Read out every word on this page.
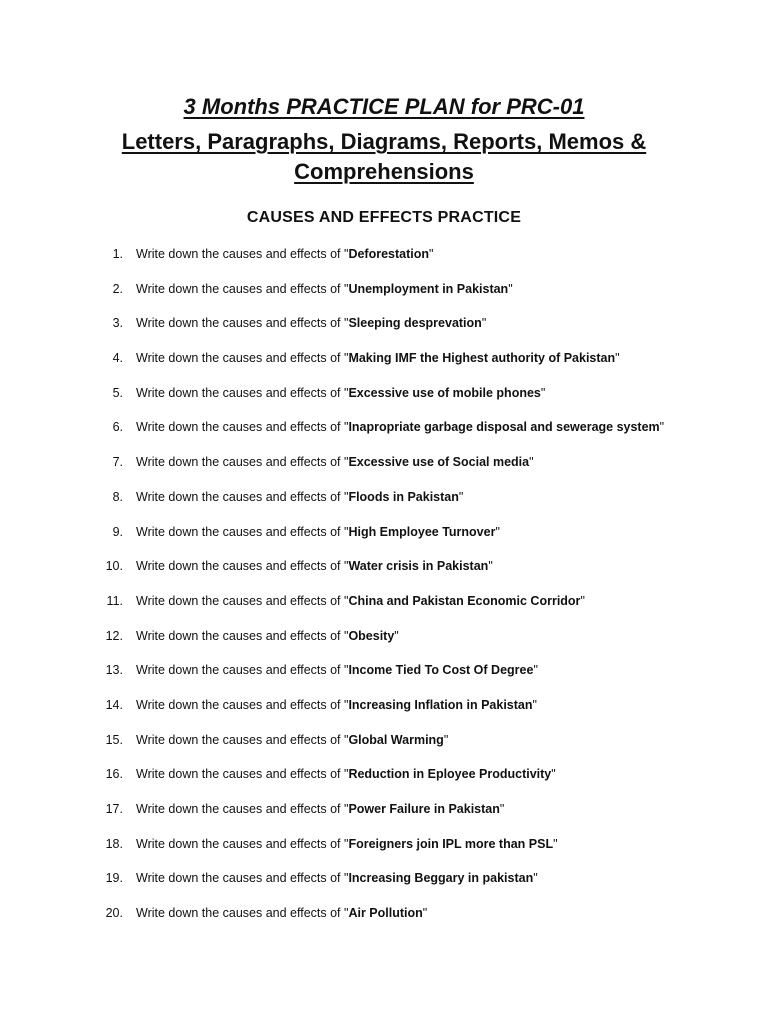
3 Months PRACTICE PLAN for PRC-01
Letters, Paragraphs, Diagrams, Reports, Memos &
Comprehensions
CAUSES AND EFFECTS PRACTICE
1. Write down the causes and effects of "Deforestation"
2. Write down the causes and effects of "Unemployment in Pakistan"
3. Write down the causes and effects of "Sleeping desprevation"
4. Write down the causes and effects of "Making IMF the Highest authority of Pakistan"
5. Write down the causes and effects of "Excessive use of mobile phones"
6. Write down the causes and effects of "Inapropriate garbage disposal and sewerage system"
7. Write down the causes and effects of "Excessive use of Social media"
8. Write down the causes and effects of "Floods in Pakistan"
9. Write down the causes and effects of "High Employee Turnover"
10. Write down the causes and effects of "Water crisis in Pakistan"
11. Write down the causes and effects of "China and Pakistan Economic Corridor"
12. Write down the causes and effects of "Obesity"
13. Write down the causes and effects of "Income Tied To Cost Of Degree"
14. Write down the causes and effects of "Increasing Inflation in Pakistan"
15. Write down the causes and effects of "Global Warming"
16. Write down the causes and effects of "Reduction in Eployee Productivity"
17. Write down the causes and effects of "Power Failure in Pakistan"
18. Write down the causes and effects of "Foreigners join IPL more than PSL"
19. Write down the causes and effects of "Increasing Beggary in pakistan"
20. Write down the causes and effects of "Air Pollution"
